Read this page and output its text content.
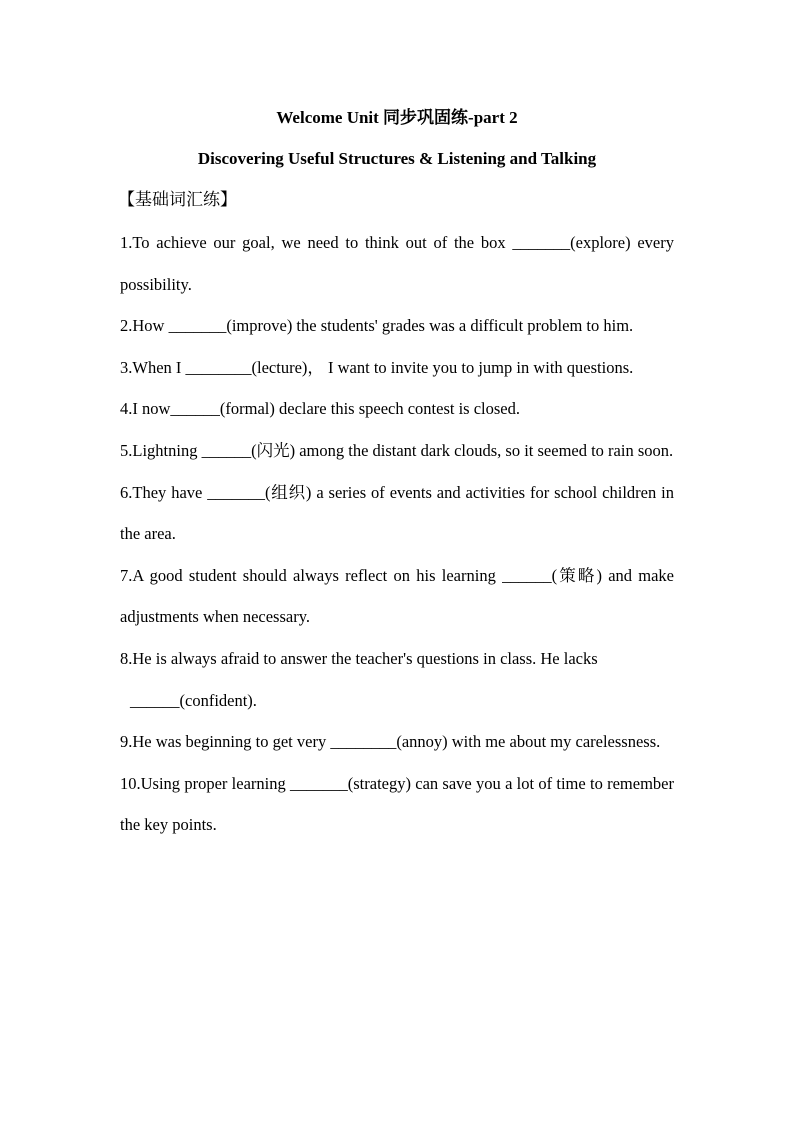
Welcome Unit 同步巩固练-part 2
Discovering Useful Structures & Listening and Talking
【基础词汇练】

1.To achieve our goal, we need to think out of the box _______(explore) every possibility.

2.How _______(improve) the students' grades was a difficult problem to him.

3.When I ________(lecture)， I want to invite you to jump in with questions.

4.I now______(formal) declare this speech contest is closed.

5.Lightning ______(闪光) among the distant dark clouds, so it seemed to rain soon.

6.They have _______(组织) a series of events and activities for school children in the area.

7.A good student should always reflect on his learning ______(策略) and make adjustments when necessary.

8.He is always afraid to answer the teacher's questions in class. He lacks

______(confident).

9.He was beginning to get very ________(annoy) with me about my carelessness.

10.Using proper learning _______(strategy) can save you a lot of time to remember the key points.
